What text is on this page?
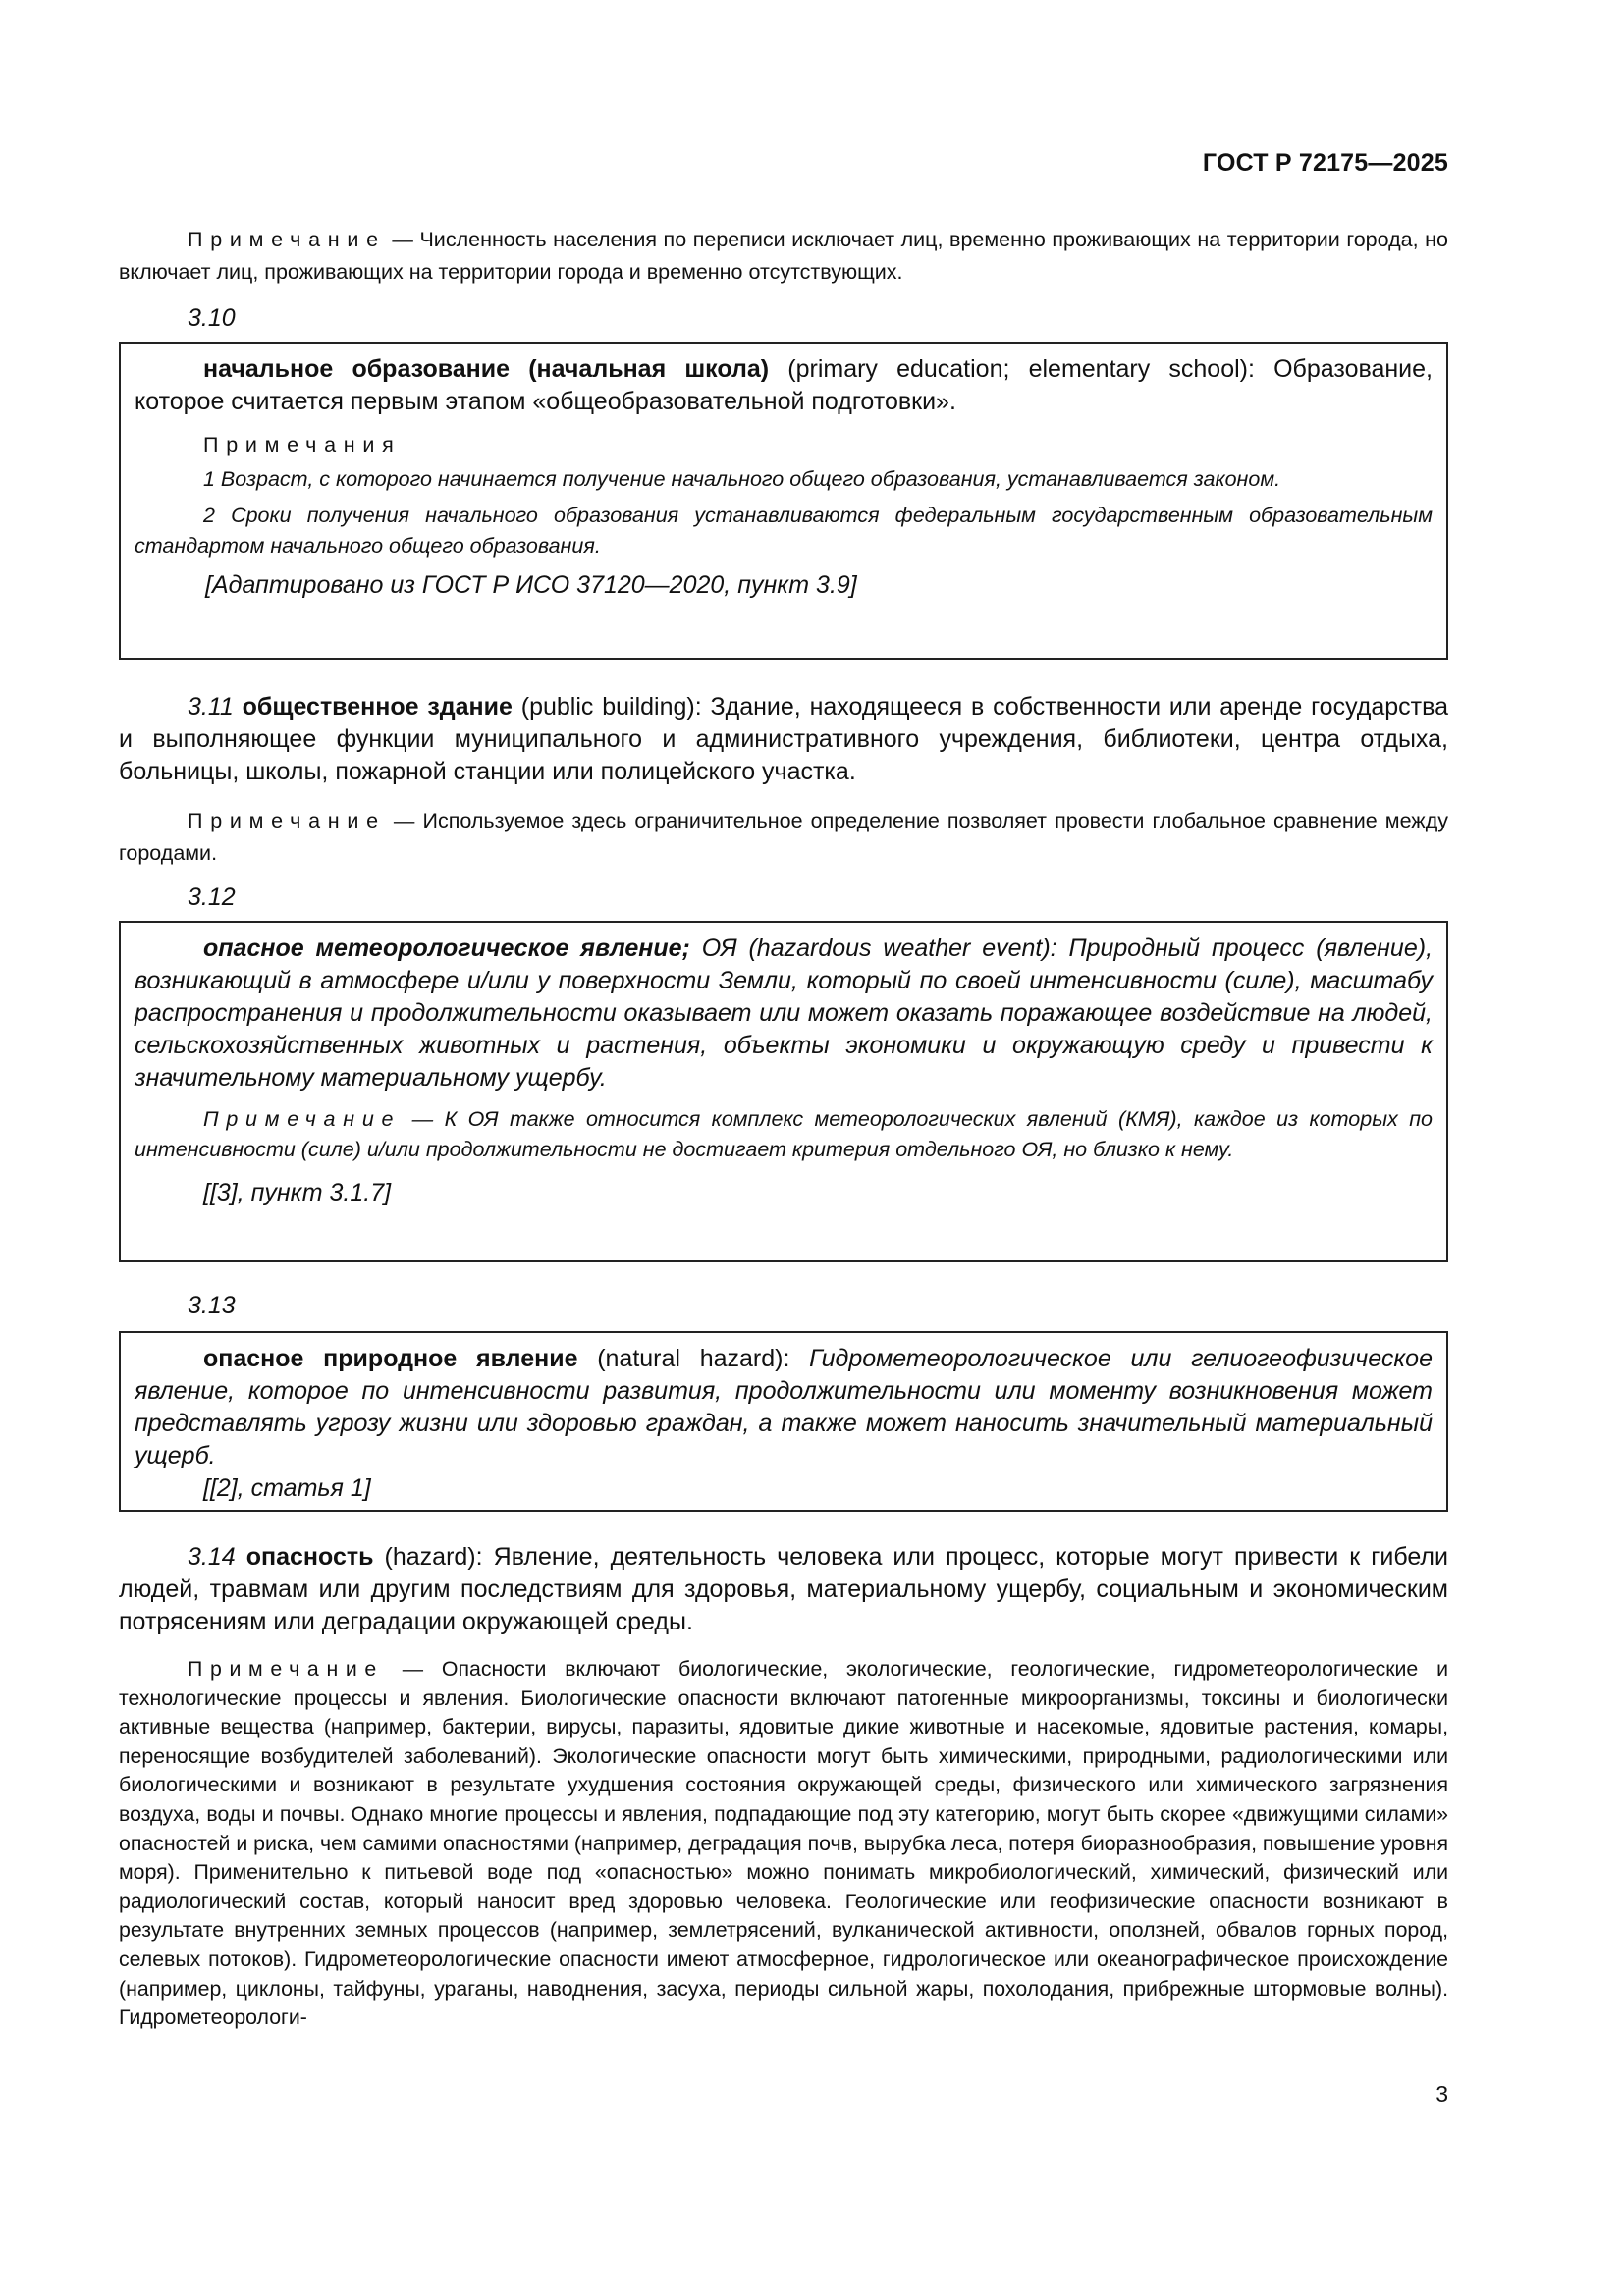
ГОСТ Р 72175—2025
Примечание — Численность населения по переписи исключает лиц, временно проживающих на территории города, но включает лиц, проживающих на территории города и временно отсутствующих.
3.10

начальное образование (начальная школа) (primary education; elementary school): Образование, которое считается первым этапом «общеобразовательной подготовки».

Примечания

1 Возраст, с которого начинается получение начального общего образования, устанавливается законом.

2 Сроки получения начального образования устанавливаются федеральным государственным образовательным стандартом начального общего образования.

[Адаптировано из ГОСТ Р ИСО 37120—2020, пункт 3.9]

3.11 общественное здание (public building): Здание, находящееся в собственности или аренде государства и выполняющее функции муниципального и административного учреждения, библиотеки, центра отдыха, больницы, школы, пожарной станции или полицейского участка.
Примечание — Используемое здесь ограничительное определение позволяет провести глобальное сравнение между городами.
3.12

опасное метеорологическое явление; ОЯ (hazardous weather event): Природный процесс (явление), возникающий в атмосфере и/или у поверхности Земли, который по своей интенсивности (силе), масштабу распространения и продолжительности оказывает или может оказать поражающее воздействие на людей, сельскохозяйственных животных и растения, объекты экономики и окружающую среду и привести к значительному материальному ущербу.

Примечание — К ОЯ также относится комплекс метеорологических явлений (КМЯ), каждое из которых по интенсивности (силе) и/или продолжительности не достигает критерия отдельного ОЯ, но близко к нему.

[[3], пункт 3.1.7]

3.13

опасное природное явление (natural hazard): Гидрометеорологическое или гелиогеофизическое явление, которое по интенсивности развития, продолжительности или моменту возникновения может представлять угрозу жизни или здоровью граждан, а также может наносить значительный материальный ущерб.

[[2], статья 1]

3.14 опасность (hazard): Явление, деятельность человека или процесс, которые могут привести к гибели людей, травмам или другим последствиям для здоровья, материальному ущербу, социальным и экономическим потрясениям или деградации окружающей среды.
Примечание — Опасности включают биологические, экологические, геологические, гидрометеорологические и технологические процессы и явления. Биологические опасности включают патогенные микроорганизмы, токсины и биологически активные вещества (например, бактерии, вирусы, паразиты, ядовитые дикие животные и насекомые, ядовитые растения, комары, переносящие возбудителей заболеваний). Экологические опасности могут быть химическими, природными, радиологическими или биологическими и возникают в результате ухудшения состояния окружающей среды, физического или химического загрязнения воздуха, воды и почвы. Однако многие процессы и явления, подпадающие под эту категорию, могут быть скорее «движущими силами» опасностей и риска, чем самими опасностями (например, деградация почв, вырубка леса, потеря биоразнообразия, повышение уровня моря). Применительно к питьевой воде под «опасностью» можно понимать микробиологический, химический, физический или радиологический состав, который наносит вред здоровью человека. Геологические или геофизические опасности возникают в результате внутренних земных процессов (например, землетрясений, вулканической активности, оползней, обвалов горных пород, селевых потоков). Гидрометеорологические опасности имеют атмосферное, гидрологическое или океанографическое происхождение (например, циклоны, тайфуны, ураганы, наводнения, засуха, периоды сильной жары, похолодания, прибрежные штормовые волны). Гидрометеорологи-
3
